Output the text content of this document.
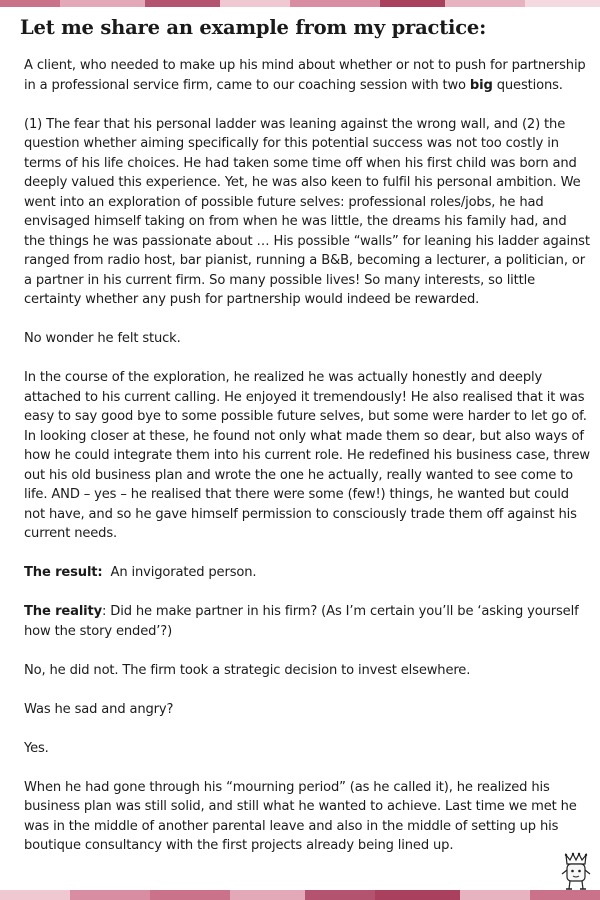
Let me share an example from my practice:

A client, who needed to make up his mind about whether or not to push for partnership in a professional service firm, came to our coaching session with two big questions.

(1) The fear that his personal ladder was leaning against the wrong wall, and (2) the question whether aiming specifically for this potential success was not too costly in terms of his life choices. He had taken some time off when his first child was born and deeply valued this experience. Yet, he was also keen to fulfil his personal ambition. We went into an exploration of possible future selves: professional roles/jobs, he had envisaged himself taking on from when he was little, the dreams his family had, and the things he was passionate about … His possible “walls” for leaning his ladder against ranged from radio host, bar pianist, running a B&B, becoming a lecturer, a politician, or a partner in his current firm. So many possible lives! So many interests, so little certainty whether any push for partnership would indeed be rewarded.

No wonder he felt stuck.

In the course of the exploration, he realized he was actually honestly and deeply attached to his current calling. He enjoyed it tremendously! He also realised that it was easy to say good bye to some possible future selves, but some were harder to let go of. In looking closer at these, he found not only what made them so dear, but also ways of how he could integrate them into his current role. He redefined his business case, threw out his old business plan and wrote the one he actually, really wanted to see come to life. AND – yes – he realised that there were some (few!) things, he wanted but could not have, and so he gave himself permission to consciously trade them off against his current needs.

The result:  An invigorated person.

The reality: Did he make partner in his firm? (As I’m certain you’ll be ‘asking yourself how the story ended’?)

No, he did not. The firm took a strategic decision to invest elsewhere.

Was he sad and angry?

Yes.

When he had gone through his “mourning period” (as he called it), he realized his business plan was still solid, and still what he wanted to achieve. Last time we met he was in the middle of another parental leave and also in the middle of setting up his boutique consultancy with the first projects already being lined up.
